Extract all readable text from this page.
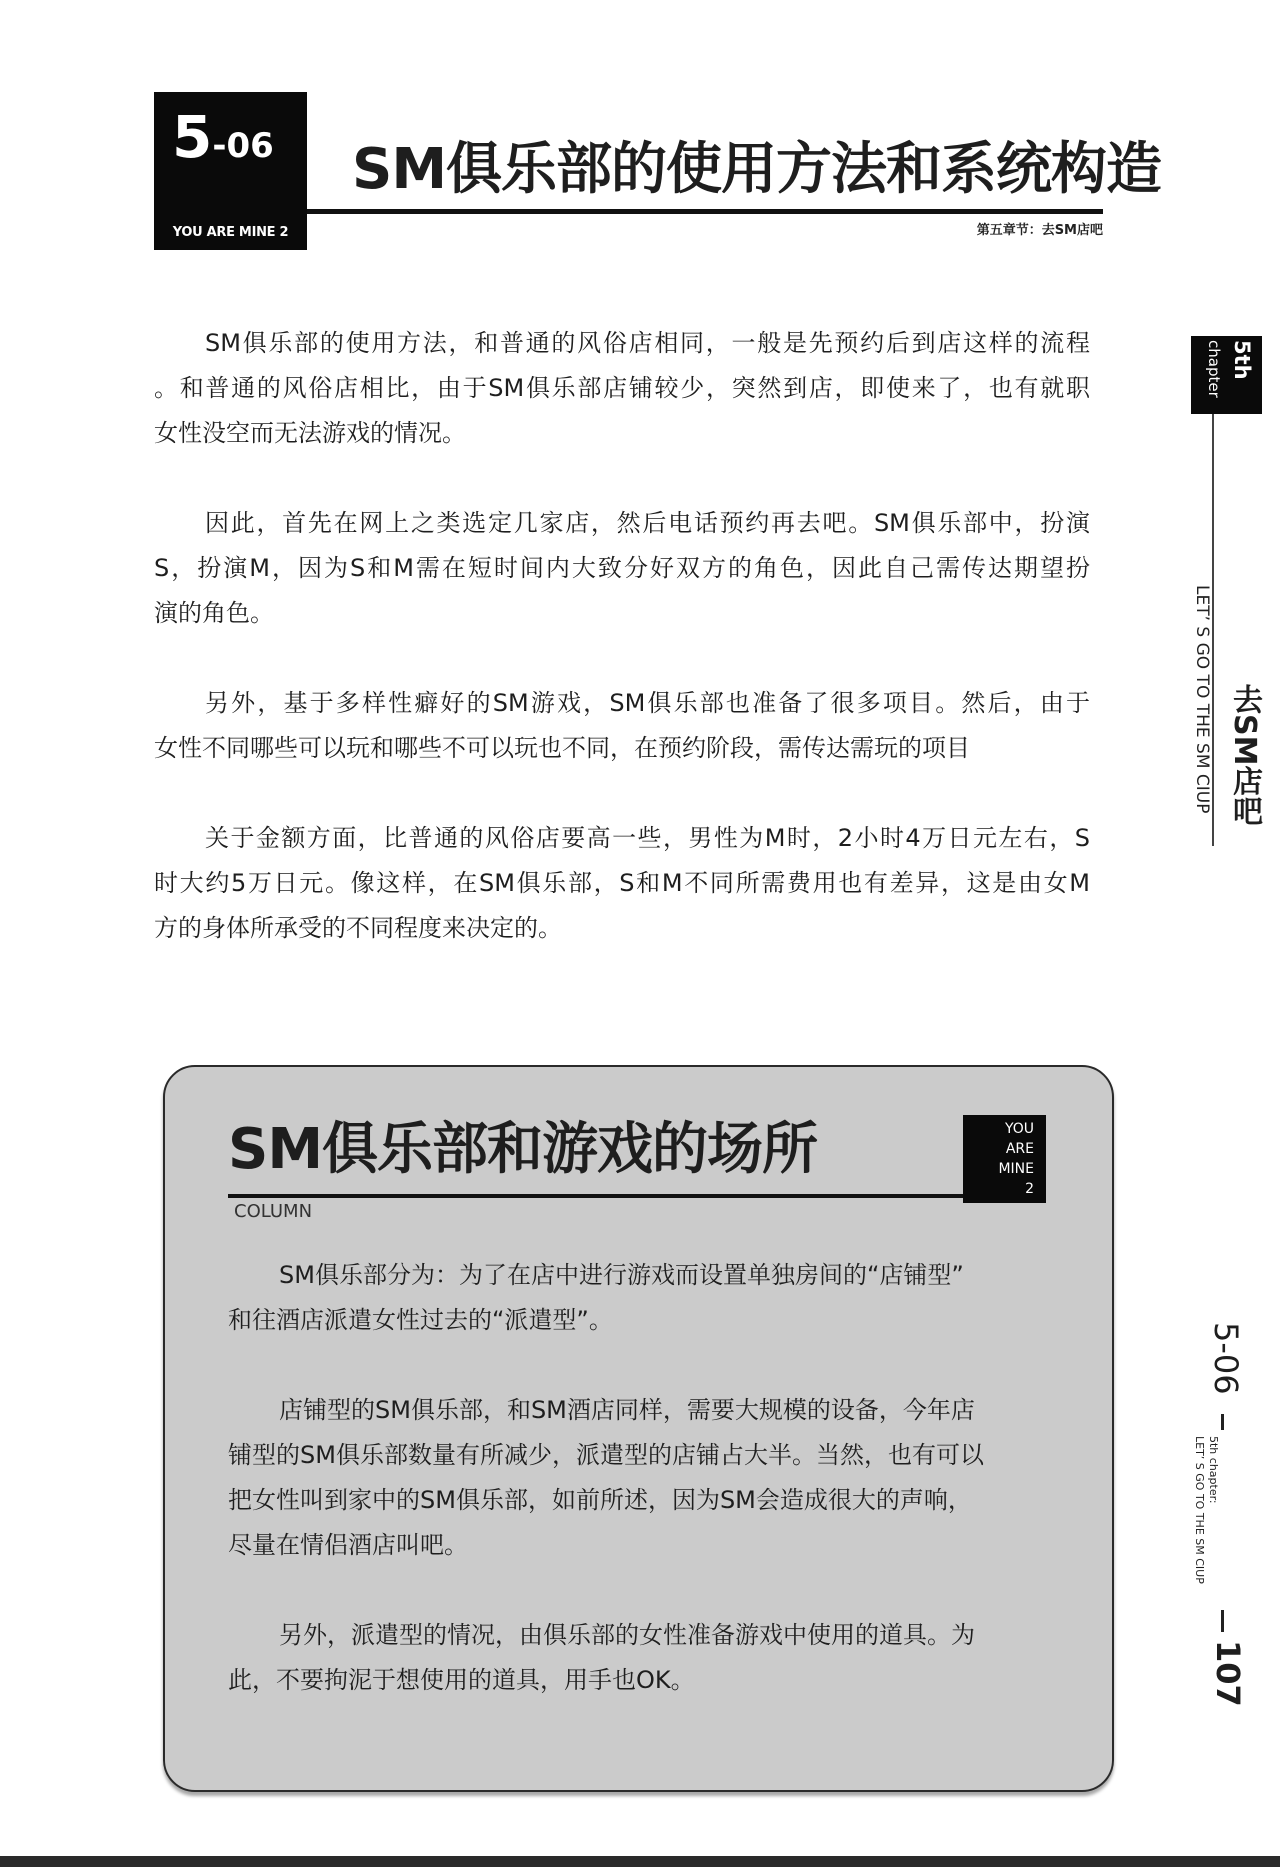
5-06
YOU ARE MINE 2
SM俱乐部的使用方法和系统构造
第五章节：去SM店吧
SM俱乐部的使用方法，和普通的风俗店相同，一般是先预约后到店这样的流程
。和普通的风俗店相比，由于SM俱乐部店铺较少，突然到店，即使来了，也有就职
女性没空而无法游戏的情况。
因此，首先在网上之类选定几家店，然后电话预约再去吧。SM俱乐部中，扮演
S，扮演M，因为S和M需在短时间内大致分好双方的角色，因此自己需传达期望扮
演的角色。
另外，基于多样性癖好的SM游戏，SM俱乐部也准备了很多项目。然后，由于
女性不同哪些可以玩和哪些不可以玩也不同，在预约阶段，需传达需玩的项目
关于金额方面，比普通的风俗店要高一些，男性为M时，2小时4万日元左右，S
时大约5万日元。像这样，在SM俱乐部，S和M不同所需费用也有差异，这是由女M
方的身体所承受的不同程度来决定的。
5th
chapter
LET’ S GO TO THE SM CIUP 去SM店吧
5-06
5th chapter:
LET’ S GO TO THE SM CIUP
107
SM俱乐部和游戏的场所	YOU
ARE
MINE
2
COLUMN
SM俱乐部分为：为了在店中进行游戏而设置单独房间的“店铺型”
和往酒店派遣女性过去的“派遣型”。
店铺型的SM俱乐部，和SM酒店同样，需要大规模的设备，今年店
铺型的SM俱乐部数量有所减少，派遣型的店铺占大半。当然，也有可以
把女性叫到家中的SM俱乐部，如前所述，因为SM会造成很大的声响，
尽量在情侣酒店叫吧。
另外，派遣型的情况，由俱乐部的女性准备游戏中使用的道具。为
此，不要拘泥于想使用的道具，用手也OK。
